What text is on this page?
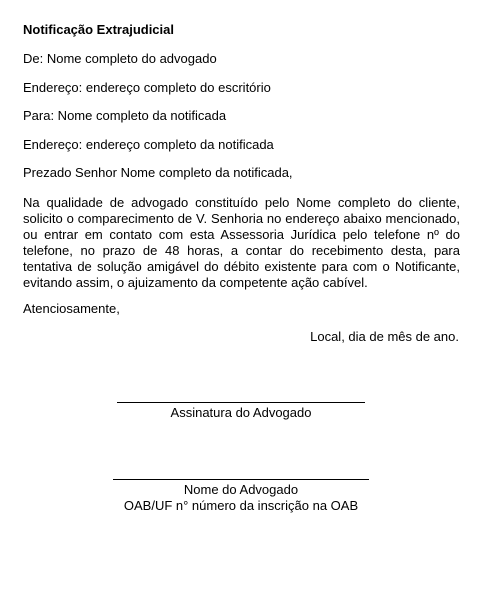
Notificação Extrajudicial
De: Nome completo do advogado
Endereço: endereço completo do escritório
Para: Nome completo da notificada
Endereço: endereço completo da notificada
Prezado Senhor Nome completo da notificada,
Na qualidade de advogado constituído pelo Nome completo do cliente, solicito o comparecimento de V. Senhoria no endereço abaixo mencionado, ou entrar em contato com esta Assessoria Jurídica pelo telefone nº do telefone, no prazo de 48 horas, a contar do recebimento desta, para tentativa de solução amigável do débito existente para com o Notificante, evitando assim, o ajuizamento da competente ação cabível.
Atenciosamente,
Local, dia de mês de ano.
Assinatura do Advogado
Nome do Advogado
OAB/UF n° número da inscrição na OAB
